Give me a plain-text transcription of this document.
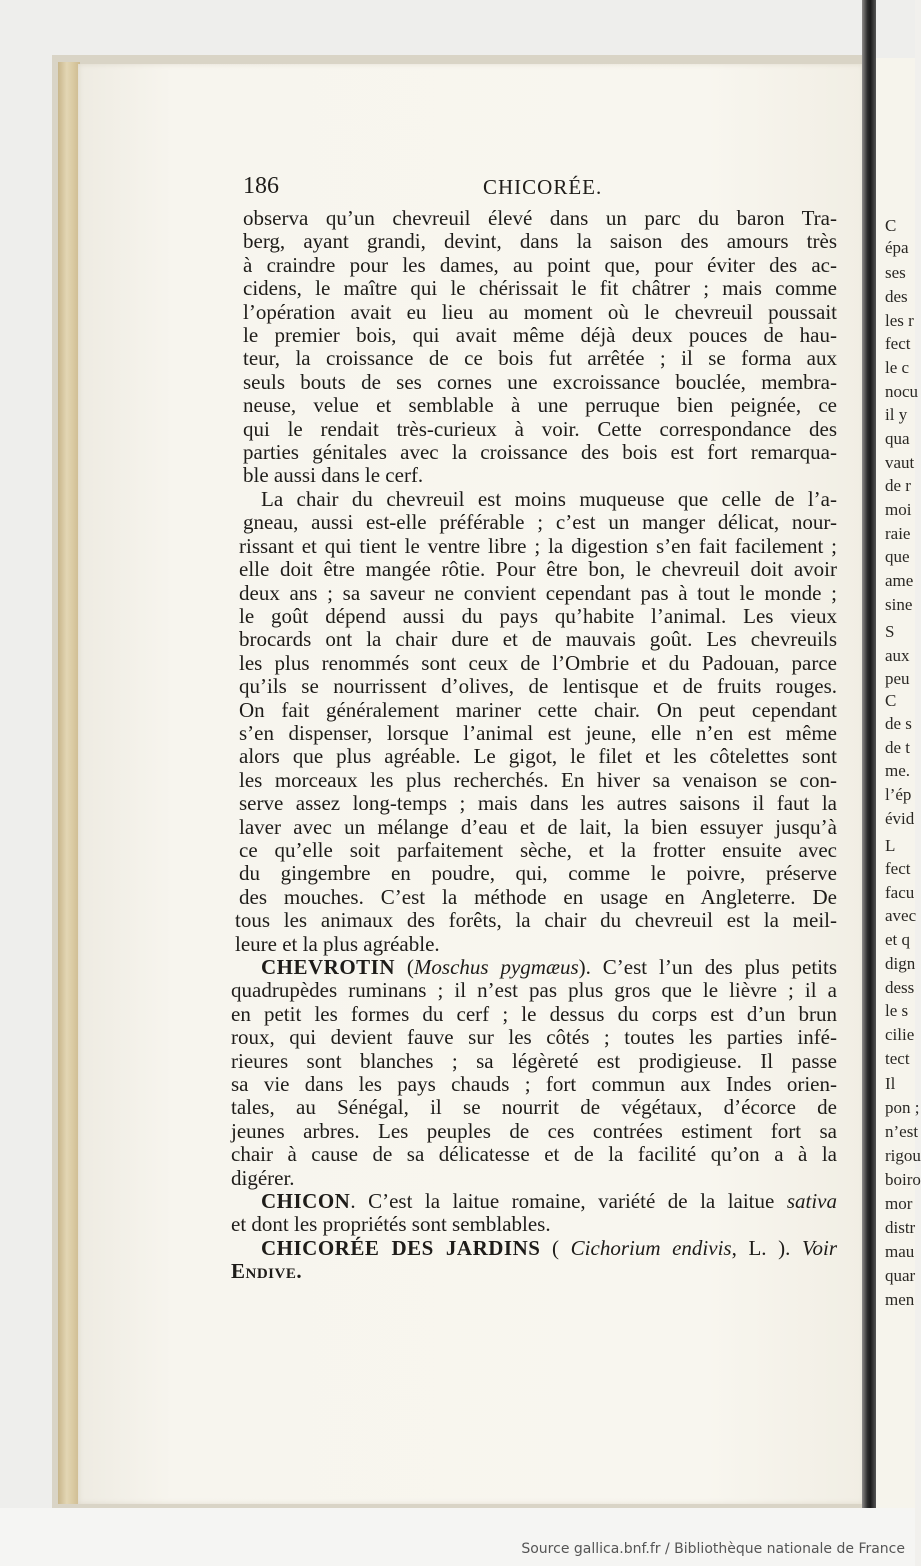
C
épa
ses
des
les r
fect
le c
nocu
il y
qua
vaut
de r
moi
raie
que
ame
sine
S
aux
peu
C
de s
de t
me.
l’ép
évid
L
fect
facu
avec
et q
dign
dess
le s
cilie
tect
Il
pon ;
n’est
rigou
boiro
mor
distr
mau
quar
men
186	CHICORÉE.
observa qu’un chevreuil élevé dans un parc du baron Tra-
berg, ayant grandi, devint, dans la saison des amours très
à craindre pour les dames, au point que, pour éviter des ac-
cidens, le maître qui le chérissait le fit châtrer ; mais comme
l’opération avait eu lieu au moment où le chevreuil poussait
le premier bois, qui avait même déjà deux pouces de hau-
teur, la croissance de ce bois fut arrêtée ; il se forma aux
seuls bouts de ses cornes une excroissance bouclée, membra-
neuse, velue et semblable à une perruque bien peignée, ce
qui le rendait très-curieux à voir. Cette correspondance des
parties génitales avec la croissance des bois est fort remarqua-
ble aussi dans le cerf.
La chair du chevreuil est moins muqueuse que celle de l’a-
gneau, aussi est-elle préférable ; c’est un manger délicat, nour-
rissant et qui tient le ventre libre ; la digestion s’en fait facilement ;
elle doit être mangée rôtie. Pour être bon, le chevreuil doit avoir
deux ans ; sa saveur ne convient cependant pas à tout le monde ;
le goût dépend aussi du pays qu’habite l’animal. Les vieux
brocards ont la chair dure et de mauvais goût. Les chevreuils
les plus renommés sont ceux de l’Ombrie et du Padouan, parce
qu’ils se nourrissent d’olives, de lentisque et de fruits rouges.
On fait généralement mariner cette chair. On peut cependant
s’en dispenser, lorsque l’animal est jeune, elle n’en est même
alors que plus agréable. Le gigot, le filet et les côtelettes sont
les morceaux les plus recherchés. En hiver sa venaison se con-
serve assez long-temps ; mais dans les autres saisons il faut la
laver avec un mélange d’eau et de lait, la bien essuyer jusqu’à
ce qu’elle soit parfaitement sèche, et la frotter ensuite avec
du gingembre en poudre, qui, comme le poivre, préserve
des mouches. C’est la méthode en usage en Angleterre. De
tous les animaux des forêts, la chair du chevreuil est la meil-
leure et la plus agréable.
CHEVROTIN (Moschus pygmæus). C’est l’un des plus petits
quadrupèdes ruminans ; il n’est pas plus gros que le lièvre ; il a
en petit les formes du cerf ; le dessus du corps est d’un brun
roux, qui devient fauve sur les côtés ; toutes les parties infé-
rieures sont blanches ; sa légèreté est prodigieuse. Il passe
sa vie dans les pays chauds ; fort commun aux Indes orien-
tales, au Sénégal, il se nourrit de végétaux, d’écorce de
jeunes arbres. Les peuples de ces contrées estiment fort sa
chair à cause de sa délicatesse et de la facilité qu’on a à la
digérer.
CHICON. C’est la laitue romaine, variété de la laitue sativa
et dont les propriétés sont semblables.
CHICORÉE DES JARDINS ( Cichorium endivis, L. ). Voir
Endive.
Source gallica.bnf.fr / Bibliothèque nationale de France
